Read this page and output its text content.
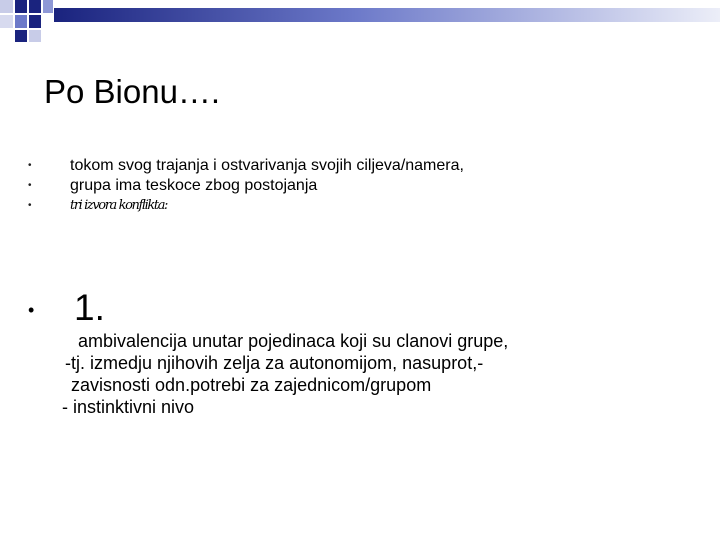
Po Bionu….
• tokom svog trajanja i ostvarivanja svojih ciljeva/namera,
• grupa ima teskoce zbog postojanja
•	tri izvora konflikta:
• 1.
ambivalencija unutar pojedinaca koji su clanovi grupe,
-tj. izmedju njihovih zelja za autonomijom, nasuprot,-
zavisnosti odn.potrebi za zajednicom/grupom
- instinktivni nivo
